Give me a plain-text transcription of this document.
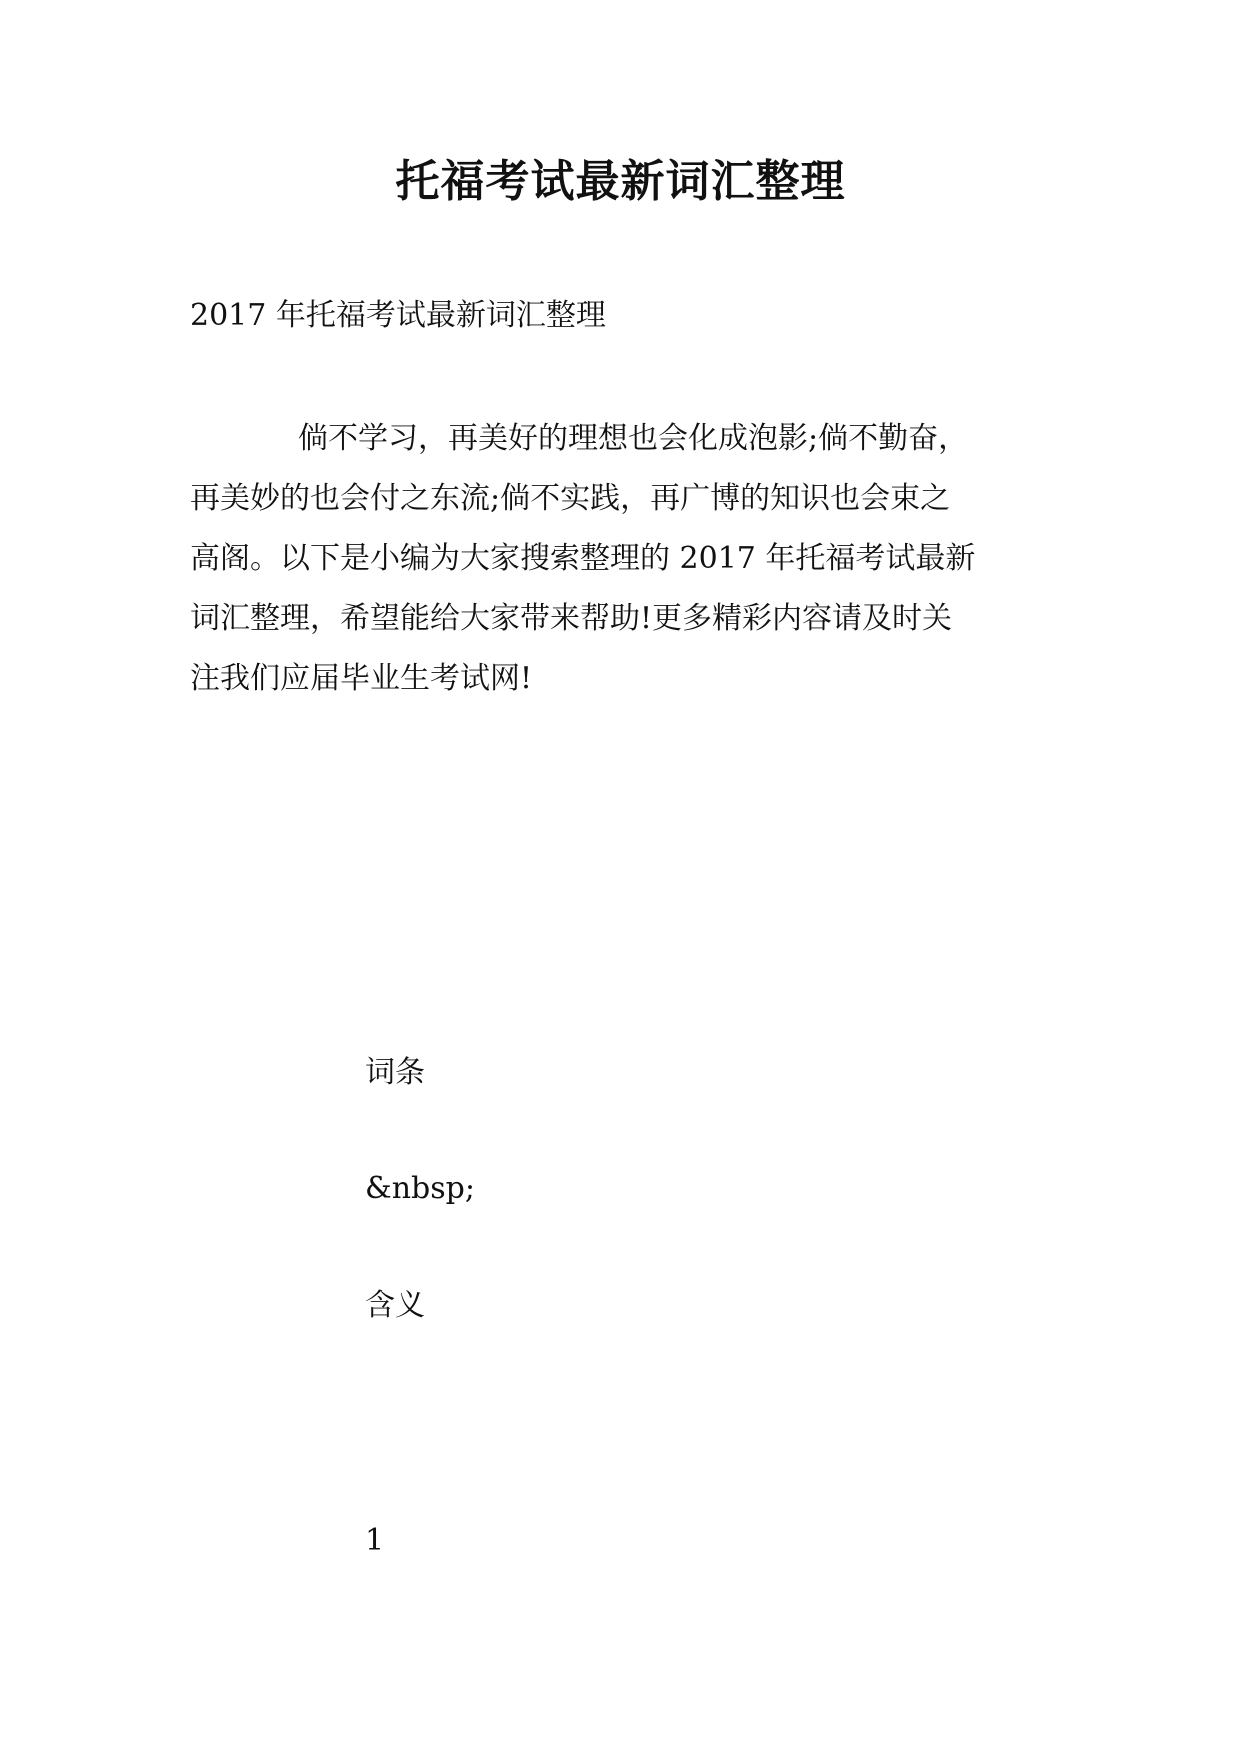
托福考试最新词汇整理
2017 年托福考试最新词汇整理
倘不学习，再美好的理想也会化成泡影;倘不勤奋，
再美妙的也会付之东流;倘不实践，再广博的知识也会束之
高阁。以下是小编为大家搜索整理的 2017 年托福考试最新
词汇整理，希望能给大家带来帮助!更多精彩内容请及时关
注我们应届毕业生考试网!
词条
&nbsp;
含义
1
